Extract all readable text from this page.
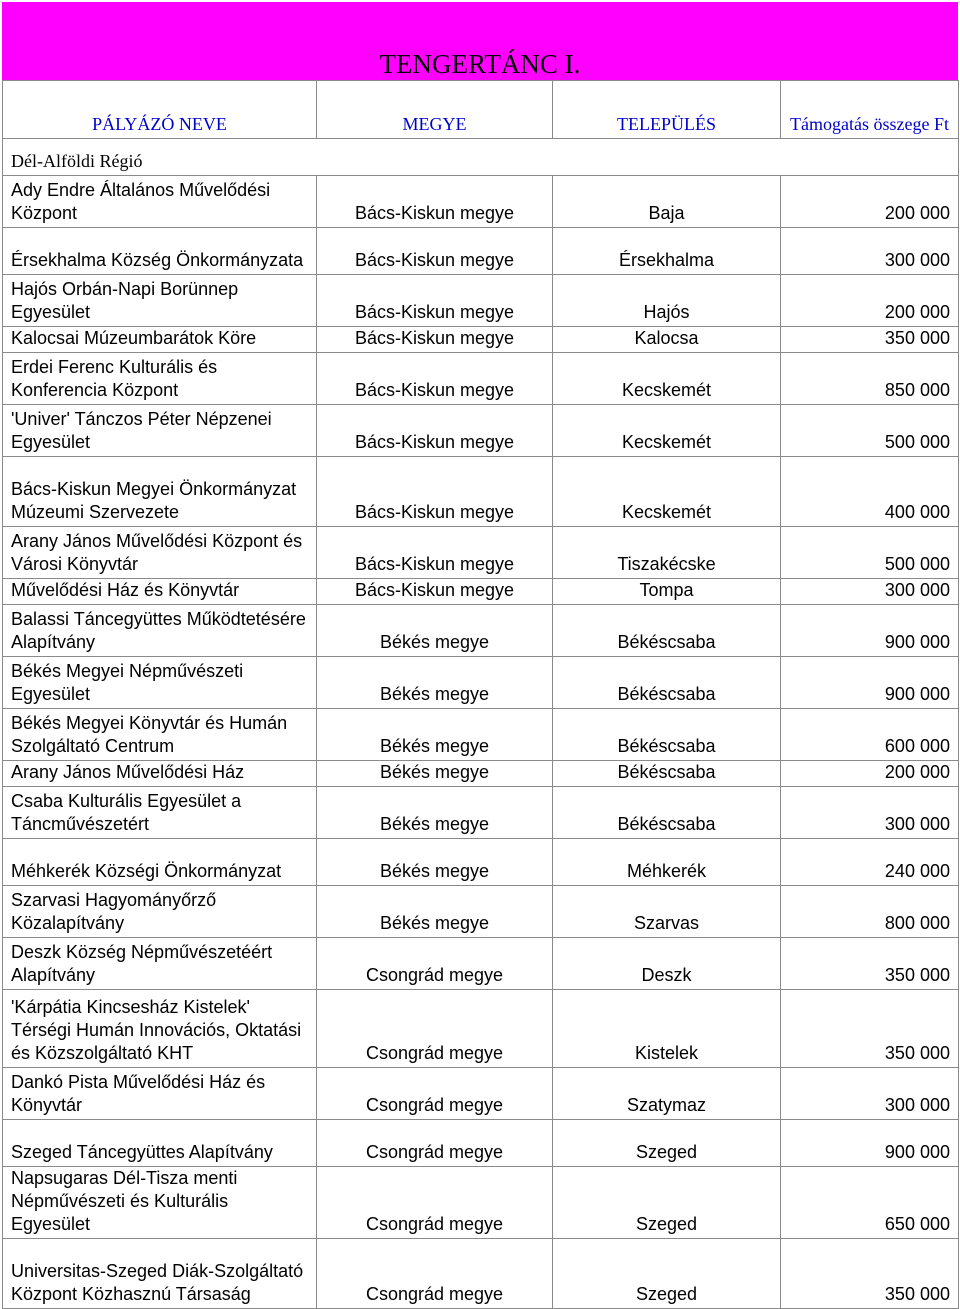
TENGERTÁNC I.
PÁLYÁZÓ NEVE	MEGYE	TELEPÜLÉS	Támogatás összege Ft
Dél-Alföldi Régió			
Ady Endre Általános Művelődési Központ	Bács-Kiskun megye	Baja	200 000
Érsekhalma Község Önkormányzata	Bács-Kiskun megye	Érsekhalma	300 000
Hajós Orbán-Napi Borünnep Egyesület	Bács-Kiskun megye	Hajós	200 000
Kalocsai Múzeumbarátok Köre	Bács-Kiskun megye	Kalocsa	350 000
Erdei Ferenc Kulturális és Konferencia Központ	Bács-Kiskun megye	Kecskemét	850 000
'Univer' Tánczos Péter Népzenei Egyesület	Bács-Kiskun megye	Kecskemét	500 000
Bács-Kiskun Megyei Önkormányzat Múzeumi Szervezete	Bács-Kiskun megye	Kecskemét	400 000
Arany János Művelődési Központ és Városi Könyvtár	Bács-Kiskun megye	Tiszakécske	500 000
Művelődési Ház és Könyvtár	Bács-Kiskun megye	Tompa	300 000
Balassi Táncegyüttes Működtetésére Alapítvány	Békés megye	Békéscsaba	900 000
Békés Megyei Népművészeti Egyesület	Békés megye	Békéscsaba	900 000
Békés Megyei Könyvtár és Humán Szolgáltató Centrum	Békés megye	Békéscsaba	600 000
Arany János Művelődési Ház	Békés megye	Békéscsaba	200 000
Csaba Kulturális Egyesület a Táncművészetért	Békés megye	Békéscsaba	300 000
Méhkerék Községi Önkormányzat	Békés megye	Méhkerék	240 000
Szarvasi Hagyományőrző Közalapítvány	Békés megye	Szarvas	800 000
Deszk Község Népművészetéért Alapítvány	Csongrád megye	Deszk	350 000
'Kárpátia Kincsesház Kistelek' Térségi Humán Innovációs, Oktatási és Közszolgáltató KHT	Csongrád megye	Kistelek	350 000
Dankó Pista Művelődési Ház és Könyvtár	Csongrád megye	Szatymaz	300 000
Szeged Táncegyüttes Alapítvány	Csongrád megye	Szeged	900 000
Napsugaras Dél-Tisza menti Népművészeti és Kulturális Egyesület	Csongrád megye	Szeged	650 000
Universitas-Szeged Diák-Szolgáltató Központ Közhasznú Társaság	Csongrád megye	Szeged	350 000
